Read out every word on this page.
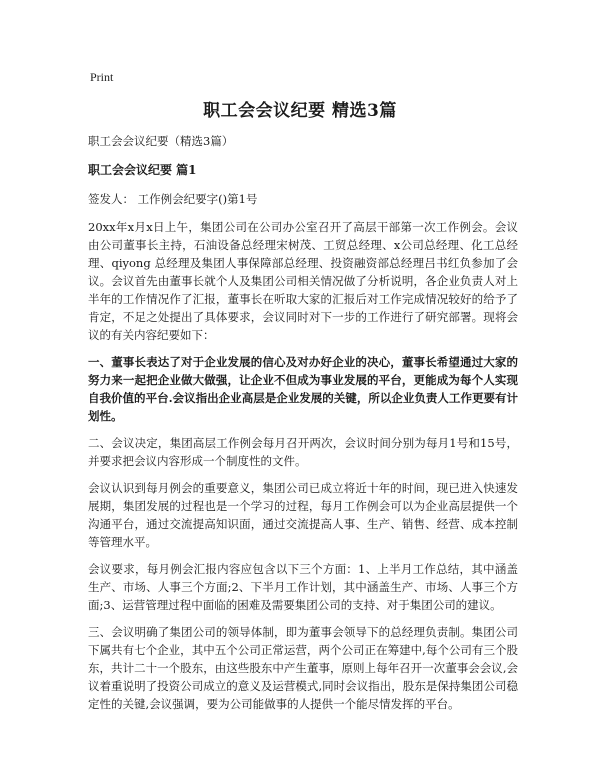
Print
职工会会议纪要 精选3篇

职工会会议纪要（精选3篇）

职工会会议纪要 篇1

签发人： 工作例会纪要字()第1号

20xx年x月x日上午，集团公司在公司办公室召开了高层干部第一次工作例会。会议由公司董事长主持，石油设备总经理宋树茂、工贸总经理、x公司总经理、化工总经理、qiyong 总经理及集团人事保障部总经理、投资融资部总经理吕书红负参加了会议。会议首先由董事长就个人及集团公司相关情况做了分析说明，各企业负责人对上半年的工作情况作了汇报，董事长在听取大家的汇报后对工作完成情况较好的给予了肯定，不足之处提出了具体要求，会议同时对下一步的工作进行了研究部署。现将会议的有关内容纪要如下：

一、董事长表达了对于企业发展的信心及对办好企业的决心，董事长希望通过大家的努力来一起把企业做大做强，让企业不但成为事业发展的平台，更能成为每个人实现自我价值的平台.会议指出企业高层是企业发展的关键，所以企业负责人工作更要有计划性。

二、会议决定，集团高层工作例会每月召开两次，会议时间分别为每月1号和15号，并要求把会议内容形成一个制度性的文件。

会议认识到每月例会的重要意义，集团公司已成立将近十年的时间，现已进入快速发展期，集团发展的过程也是一个学习的过程，每月工作例会可以为企业高层提供一个沟通平台，通过交流提高知识面，通过交流提高人事、生产、销售、经营、成本控制等管理水平。

会议要求，每月例会汇报内容应包含以下三个方面：1、上半月工作总结，其中涵盖生产、市场、人事三个方面;2、下半月工作计划，其中涵盖生产、市场、人事三个方面;3、运营管理过程中面临的困难及需要集团公司的支持、对于集团公司的建议。

三、会议明确了集团公司的领导体制，即为董事会领导下的总经理负责制。集团公司下属共有七个企业，其中五个公司正常运营，两个公司正在筹建中,每个公司有三个股东，共计二十一个股东，由这些股东中产生董事，原则上每年召开一次董事会会议,会议着重说明了投资公司成立的意义及运营模式,同时会议指出，股东是保持集团公司稳定性的关键,会议强调，要为公司能做事的人提供一个能尽情发挥的平台。
